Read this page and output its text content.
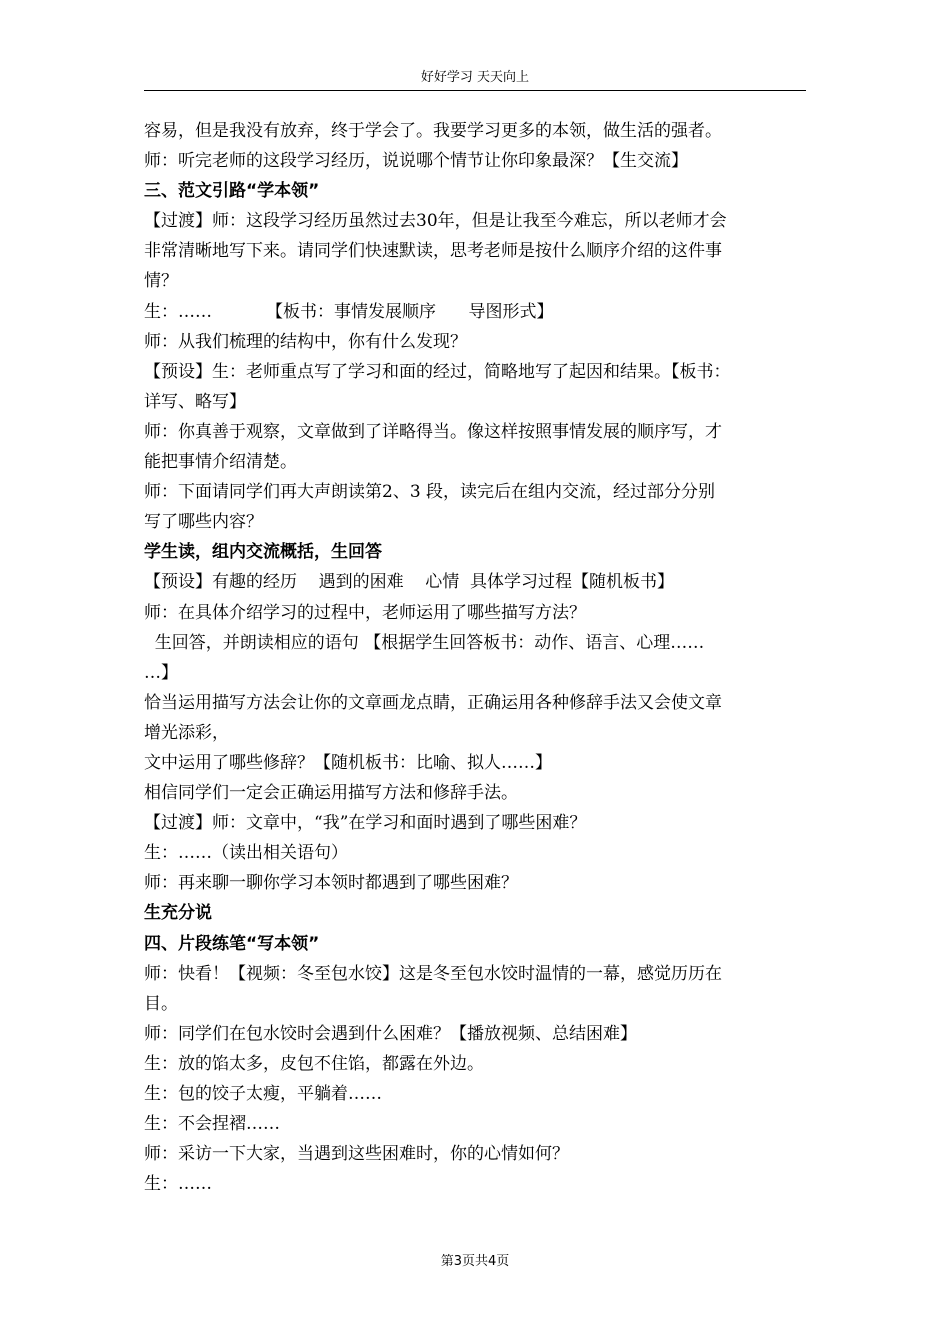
好好学习 天天向上
容易，但是我没有放弃，终于学会了。我要学习更多的本领，做生活的强者。
师：听完老师的这段学习经历，说说哪个情节让你印象最深？【生交流】
三、范文引路“学本领”
【过渡】师：这段学习经历虽然过去30年，但是让我至今难忘，所以老师才会
非常清晰地写下来。请同学们快速默读，思考老师是按什么顺序介绍的这件事
情？
生：……          【板书：事情发展顺序      导图形式】
师：从我们梳理的结构中，你有什么发现？
【预设】生：老师重点写了学习和面的经过，简略地写了起因和结果。【板书：
详写、略写】
师：你真善于观察，文章做到了详略得当。像这样按照事情发展的顺序写，才
能把事情介绍清楚。
师：下面请同学们再大声朗读第2、3 段，读完后在组内交流，经过部分分别
写了哪些内容？
学生读，组内交流概括，生回答
【预设】有趣的经历    遇到的困难    心情  具体学习过程【随机板书】
师：在具体介绍学习的过程中，老师运用了哪些描写方法？
生回答，并朗读相应的语句 【根据学生回答板书：动作、语言、心理……
…】
恰当运用描写方法会让你的文章画龙点睛，正确运用各种修辞手法又会使文章
增光添彩，
文中运用了哪些修辞？【随机板书：比喻、拟人……】
相信同学们一定会正确运用描写方法和修辞手法。
【过渡】师：文章中，“我”在学习和面时遇到了哪些困难？
生：……（读出相关语句）
师：再来聊一聊你学习本领时都遇到了哪些困难？
生充分说
四、片段练笔“写本领”
师：快看！【视频：冬至包水饺】这是冬至包水饺时温情的一幕，感觉历历在
目。
师：同学们在包水饺时会遇到什么困难？【播放视频、总结困难】
生：放的馅太多，皮包不住馅，都露在外边。
生：包的饺子太瘦，平躺着……
生：不会捏褶……
师：采访一下大家，当遇到这些困难时，你的心情如何？
生：……
第3页共4页
